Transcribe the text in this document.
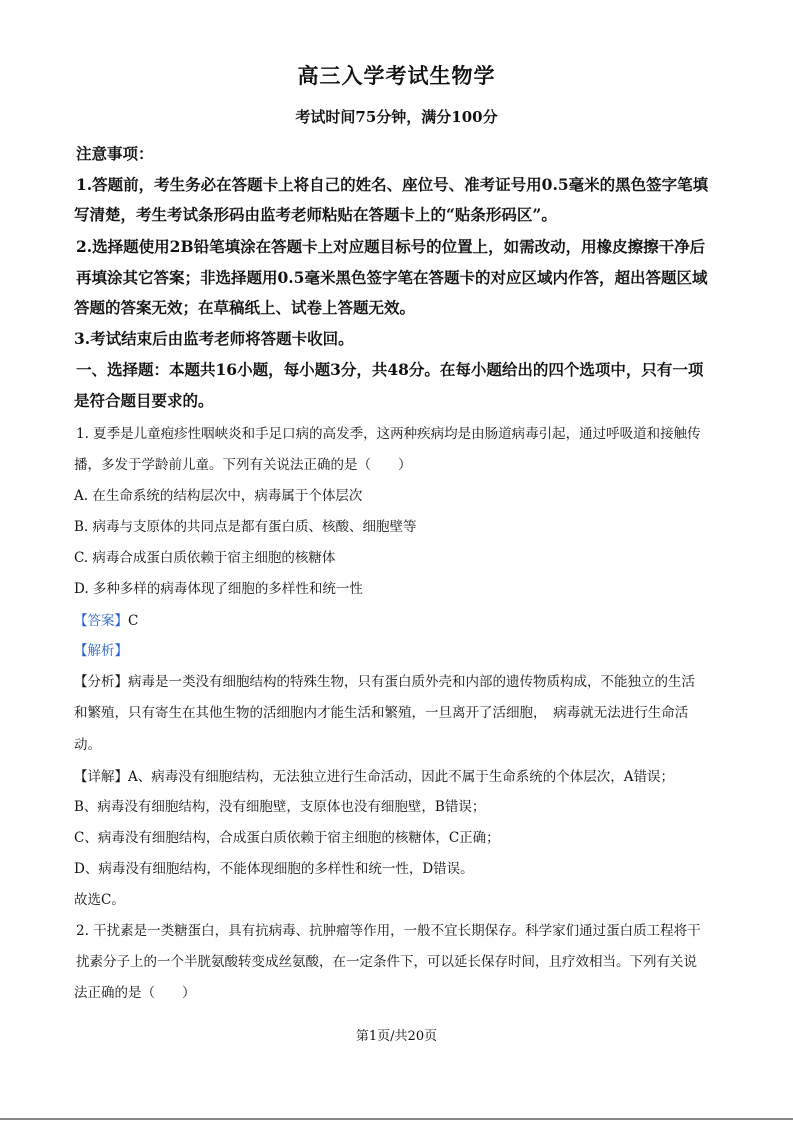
高三入学考试生物学
考试时间75分钟，满分100分
注意事项：
1.答题前，考生务必在答题卡上将自己的姓名、座位号、准考证号用0.5毫米的黑色签字笔填
写清楚，考生考试条形码由监考老师粘贴在答题卡上的“贴条形码区”。
2.选择题使用2B铅笔填涂在答题卡上对应题目标号的位置上，如需改动，用橡皮擦擦干净后
再填涂其它答案；非选择题用0.5毫米黑色签字笔在答题卡的对应区域内作答，超出答题区域
答题的答案无效；在草稿纸上、试卷上答题无效。
3.考试结束后由监考老师将答题卡收回。
一、选择题：本题共16小题，每小题3分，共48分。在每小题给出的四个选项中，只有一项
是符合题目要求的。
1. 夏季是儿童疱疹性咽峡炎和手足口病的高发季，这两种疾病均是由肠道病毒引起，通过呼吸道和接触传
播，多发于学龄前儿童。下列有关说法正确的是（　　）
A. 在生命系统的结构层次中，病毒属于个体层次
B. 病毒与支原体的共同点是都有蛋白质、核酸、细胞壁等
C. 病毒合成蛋白质依赖于宿主细胞的核糖体
D. 多种多样的病毒体现了细胞的多样性和统一性
【答案】C
【解析】
【分析】病毒是一类没有细胞结构的特殊生物，只有蛋白质外壳和内部的遗传物质构成，不能独立的生活
和繁殖，只有寄生在其他生物的活细胞内才能生活和繁殖，一旦离开了活细胞，　病毒就无法进行生命活
动。
【详解】A、病毒没有细胞结构，无法独立进行生命活动，因此不属于生命系统的个体层次，A错误；
B、病毒没有细胞结构，没有细胞壁，支原体也没有细胞壁，B错误；
C、病毒没有细胞结构，合成蛋白质依赖于宿主细胞的核糖体，C正确；
D、病毒没有细胞结构，不能体现细胞的多样性和统一性，D错误。
故选C。
2. 干扰素是一类糖蛋白，具有抗病毒、抗肿瘤等作用，一般不宜长期保存。科学家们通过蛋白质工程将干
扰素分子上的一个半胱氨酸转变成丝氨酸，在一定条件下，可以延长保存时间，且疗效相当。下列有关说
法正确的是（　　）
第1页/共20页
